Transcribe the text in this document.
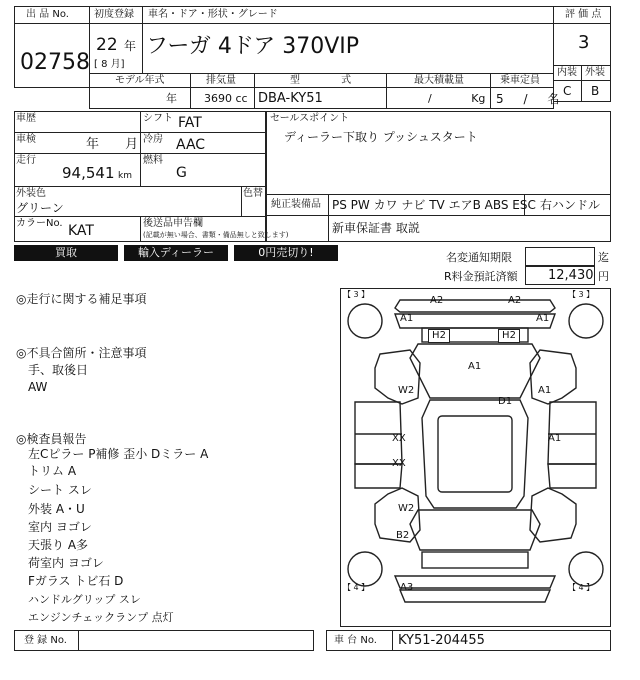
出 品 No.
02758
初度登録 車名・ドア・形状・グレード
22 年
[ 8 月]
フーガ 4ドア 370VIP
評 価 点
3
内装 外装
C B
モデル年式	排気量	型 式	最大積載量	乗車定員
年 3690 cc DBA-KY51	/ Kg 5 / 名
車歴	シフト FAT
車検	年 月 冷房 AAC
走行
94,541 km
燃料
G
外装色	色替
グリーン
カラーNo. KAT	後送品申告欄
(記載が無い場合、書類・備品無しと致します)
セールスポイント
ディーラー下取り プッシュスタート
純正装備品 PS PW カワ ナビ TV エアB ABS ESC 右ハンドル
新車保証書 取説
買取	輸入ディーラー	0円売切り!	名変通知期限	迄
R料金預託済額 12,430 円
◎走行に関する補足事項
◎不具合箇所・注意事項
手、取後日
AW
◎検査員報告
左Cピラー P補修 歪小 Dミラー A
トリム A
シート スレ
外装 A・U
室内 ヨゴレ
天張り A多
荷室内 ヨゴレ
Fガラス トビ石 D
ハンドルグリップ スレ
エンジンチェックランプ 点灯
【 3 】	【 3 】
【 4 】	【 4 】
A2	A2
A1	A1
H2	H2
A1
W2	A1
D1
XX
XX
A1
W2
B2
A3
登 録 No.	車 台 No. KY51-204455
